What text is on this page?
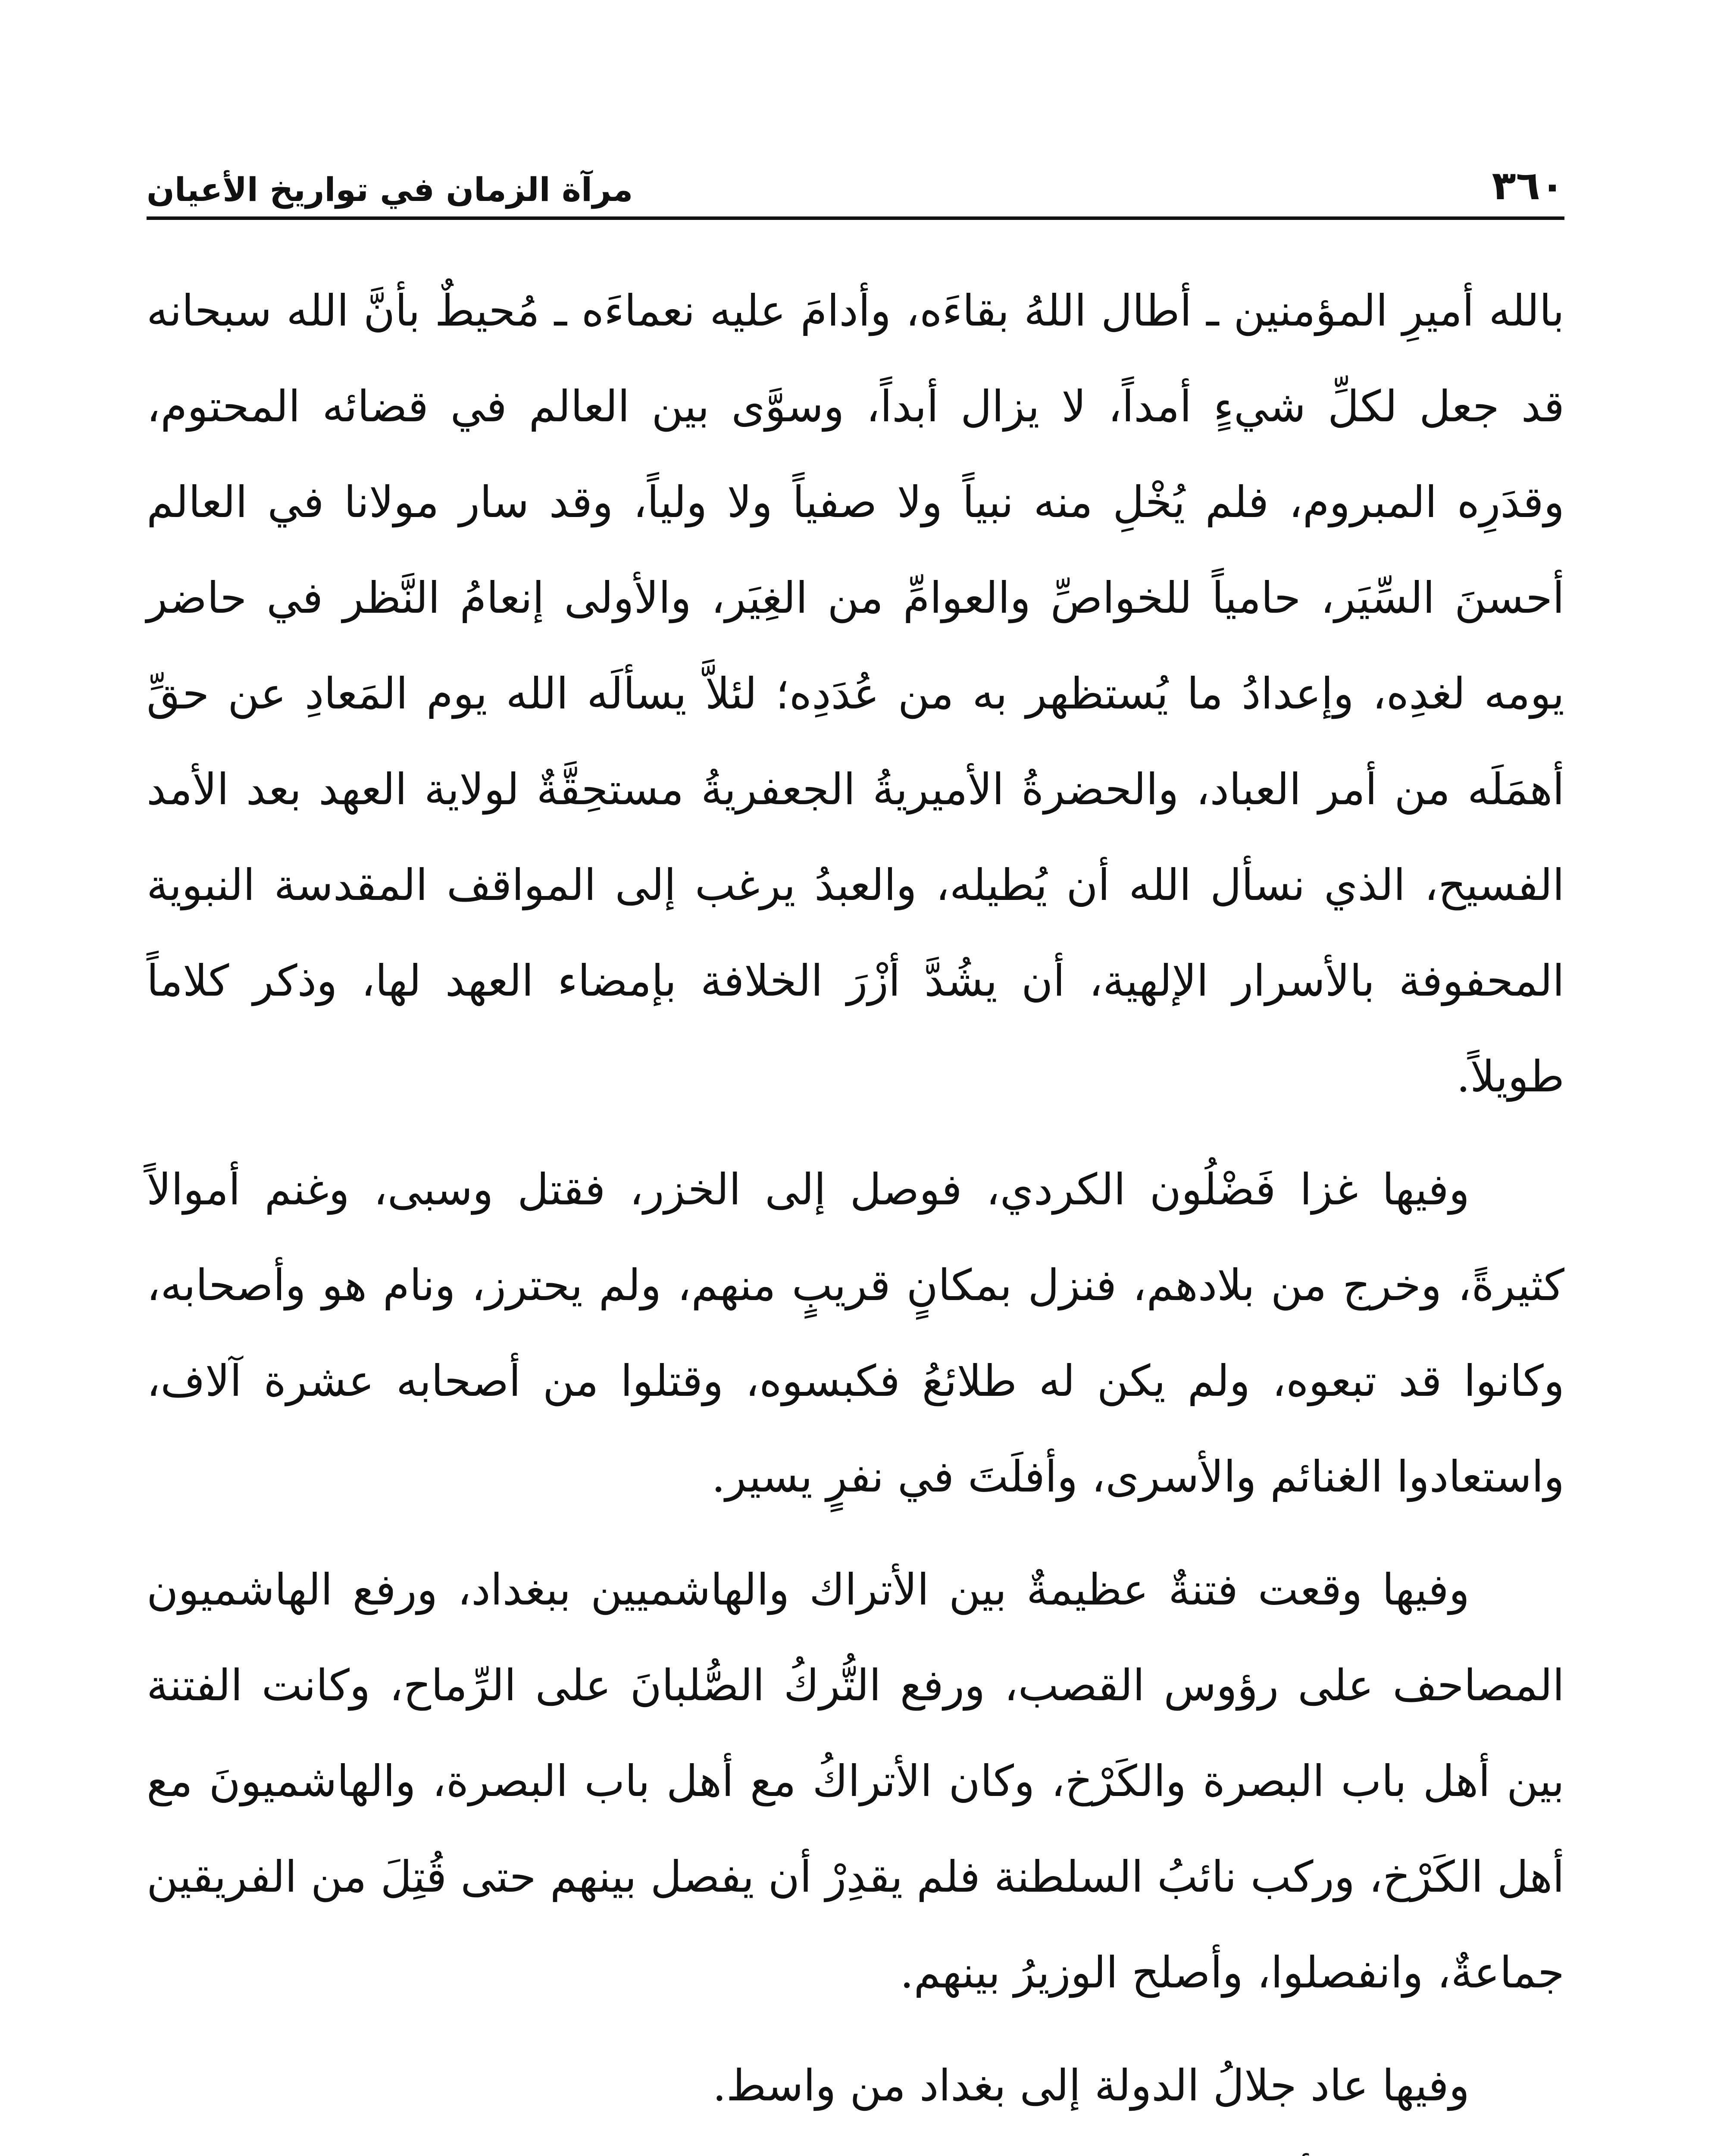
٣٦٠
مرآة الزمان في تواريخ الأعيان

بالله أميرِ المؤمنين ـ أطال اللهُ بقاءَه، وأدامَ عليه نعماءَه ـ مُحيطٌ بأنَّ الله سبحانه قد جعل لكلِّ شيءٍ أمداً، لا يزال أبداً، وسوَّى بين العالم في قضائه المحتوم، وقدَرِه المبروم، فلم يُخْلِ منه نبياً ولا صفياً ولا ولياً، وقد سار مولانا في العالم أحسنَ السِّيَر، حامياً للخواصِّ والعوامِّ من الغِيَر، والأولى إنعامُ النَّظر في حاضر يومه لغدِه، وإعدادُ ما يُستظهر به من عُدَدِه؛ لئلاَّ يسألَه الله يوم المَعادِ عن حقِّ أهمَلَه من أمر العباد، والحضرةُ الأميريةُ الجعفريةُ مستحِقَّةٌ لولاية العهد بعد الأمد الفسيح، الذي نسأل الله أن يُطيله، والعبدُ يرغب إلى المواقف المقدسة النبوية المحفوفة بالأسرار الإلهية، أن يشُدَّ أزْرَ الخلافة بإمضاء العهد لها، وذكر كلاماً طويلاً.

وفيها غزا فَضْلُون الكردي، فوصل إلى الخزر، فقتل وسبى، وغنم أموالاً كثيرةً، وخرج من بلادهم، فنزل بمكانٍ قريبٍ منهم، ولم يحترز، ونام هو وأصحابه، وكانوا قد تبعوه، ولم يكن له طلائعُ فكبسوه، وقتلوا من أصحابه عشرة آلاف، واستعادوا الغنائم والأسرى، وأفلَتَ في نفرٍ يسير.

وفيها وقعت فتنةٌ عظيمةٌ بين الأتراك والهاشميين ببغداد، ورفع الهاشميون المصاحف على رؤوس القصب، ورفع التُّركُ الصُّلبانَ على الرِّماح، وكانت الفتنة بين أهل باب البصرة والكَرْخ، وكان الأتراكُ مع أهل باب البصرة، والهاشميونَ مع أهل الكَرْخ، وركب نائبُ السلطنة فلم يقدِرْ أن يفصل بينهم حتى قُتِلَ من الفريقين جماعةٌ، وانفصلوا، وأصلح الوزيرُ بينهم.

وفيها عاد جلالُ الدولة إلى بغداد من واسط.
